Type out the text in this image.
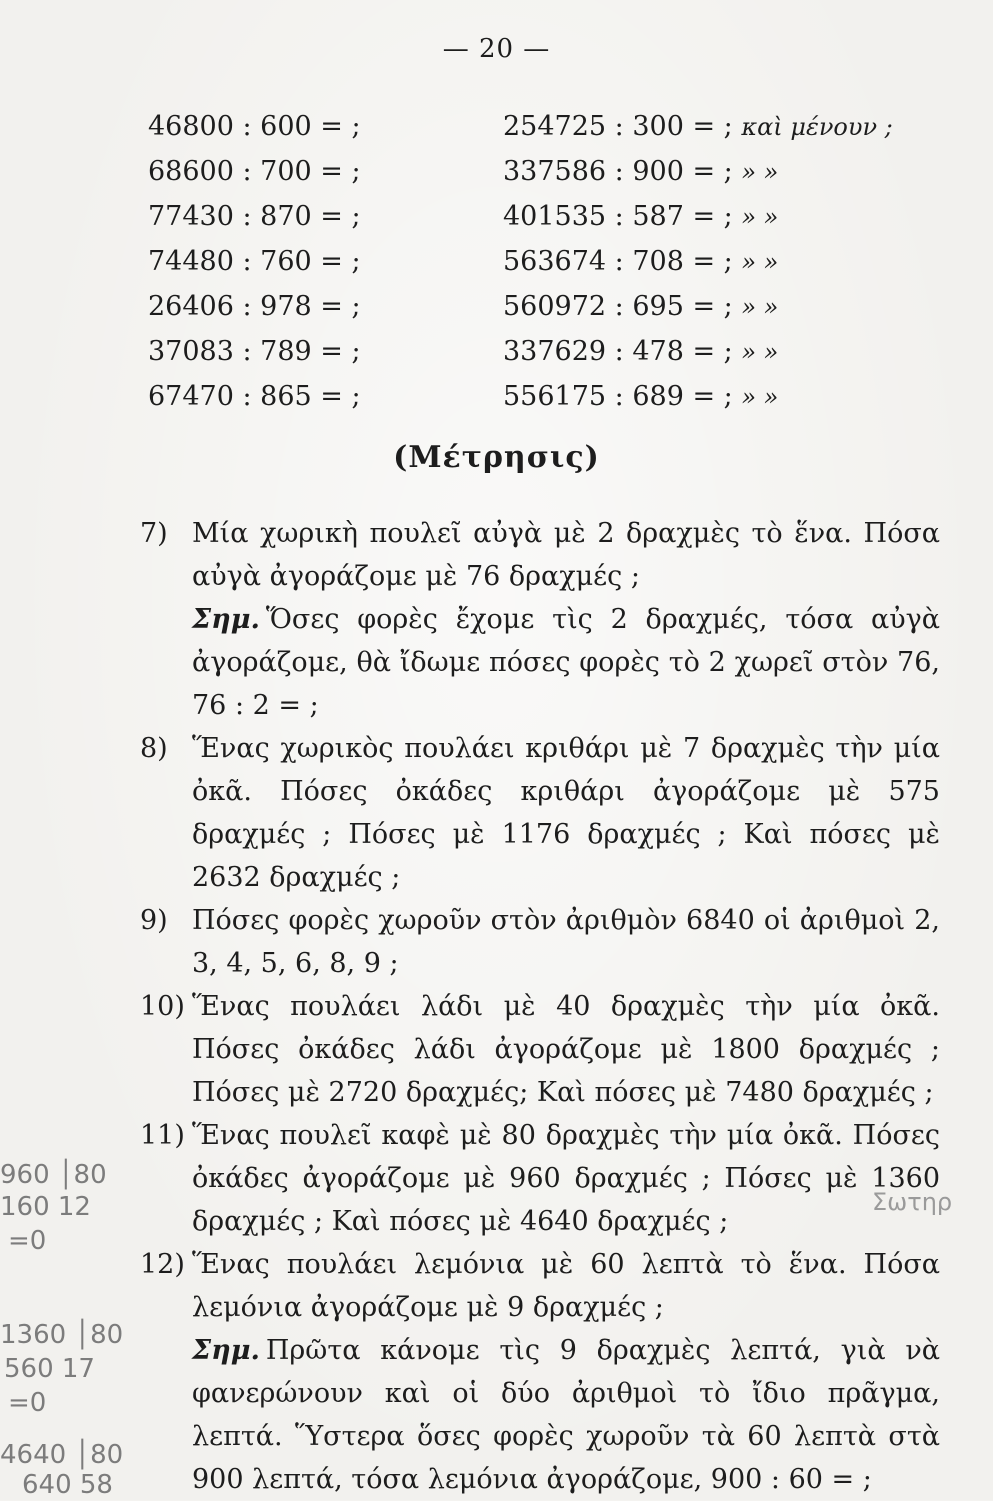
— 20 —
46800 : 600 = ;	254725 : 300 = ; καὶ μένουν ;
68600 : 700 = ;	337586 : 900 = ; » »
77430 : 870 = ;	401535 : 587 = ; » »
74480 : 760 = ;	563674 : 708 = ; » »
26406 : 978 = ;	560972 : 695 = ; » »
37083 : 789 = ;	337629 : 478 = ; » »
67470 : 865 = ;	556175 : 689 = ; » »
(Μέτρησις)
7) Μία χωρικὴ πουλεῖ αὐγὰ μὲ 2 δραχμὲς τὸ ἕνα. Πόσα αὐγὰ ἀγοράζομε μὲ 76 δραχμές ;
Σημ. Ὅσες φορὲς ἔχομε τὶς 2 δραχμές, τόσα αὐγὰ ἀγοράζομε, θὰ ἴδωμε πόσες φορὲς τὸ 2 χωρεῖ στὸν 76, 76 : 2 = ;
8) Ἕνας χωρικὸς πουλάει κριθάρι μὲ 7 δραχμὲς τὴν μία ὀκᾶ. Πόσες ὀκάδες κριθάρι ἀγοράζομε μὲ 575 δραχμές ; Πόσες μὲ 1176 δραχμές ; Καὶ πόσες μὲ 2632 δραχμές ;
9) Πόσες φορὲς χωροῦν στὸν ἀριθμὸν 6840 οἱ ἀριθμοὶ 2, 3, 4, 5, 6, 8, 9 ;
10) Ἕνας πουλάει λάδι μὲ 40 δραχμὲς τὴν μία ὀκᾶ. Πόσες ὀκάδες λάδι ἀγοράζομε μὲ 1800 δραχμές ; Πόσες μὲ 2720 δραχμές; Καὶ πόσες μὲ 7480 δραχμές ;
11) Ἕνας πουλεῖ καφὲ μὲ 80 δραχμὲς τὴν μία ὀκᾶ. Πόσες ὀκάδες ἀγοράζομε μὲ 960 δραχμές ; Πόσες μὲ 1360 δραχμές ; Καὶ πόσες μὲ 4640 δραχμές ;
12) Ἕνας πουλάει λεμόνια μὲ 60 λεπτὰ τὸ ἕνα. Πόσα λεμόνια ἀγοράζομε μὲ 9 δραχμές ;
Σημ. Πρῶτα κάνομε τὶς 9 δραχμὲς λεπτά, γιὰ νὰ φανερώνουν καὶ οἱ δύο ἀριθμοὶ τὸ ἴδιο πρᾶγμα, λεπτά. Ὕστερα ὅσες φορὲς χωροῦν τὰ 60 λεπτὰ στὰ 900 λεπτά, τόσα λεμόνια ἀγοράζομε, 900 : 60 = ;
960 │80
160 12
=0
1360 │80
560 17
=0
4640 │80
640 58
Σωτηρ
